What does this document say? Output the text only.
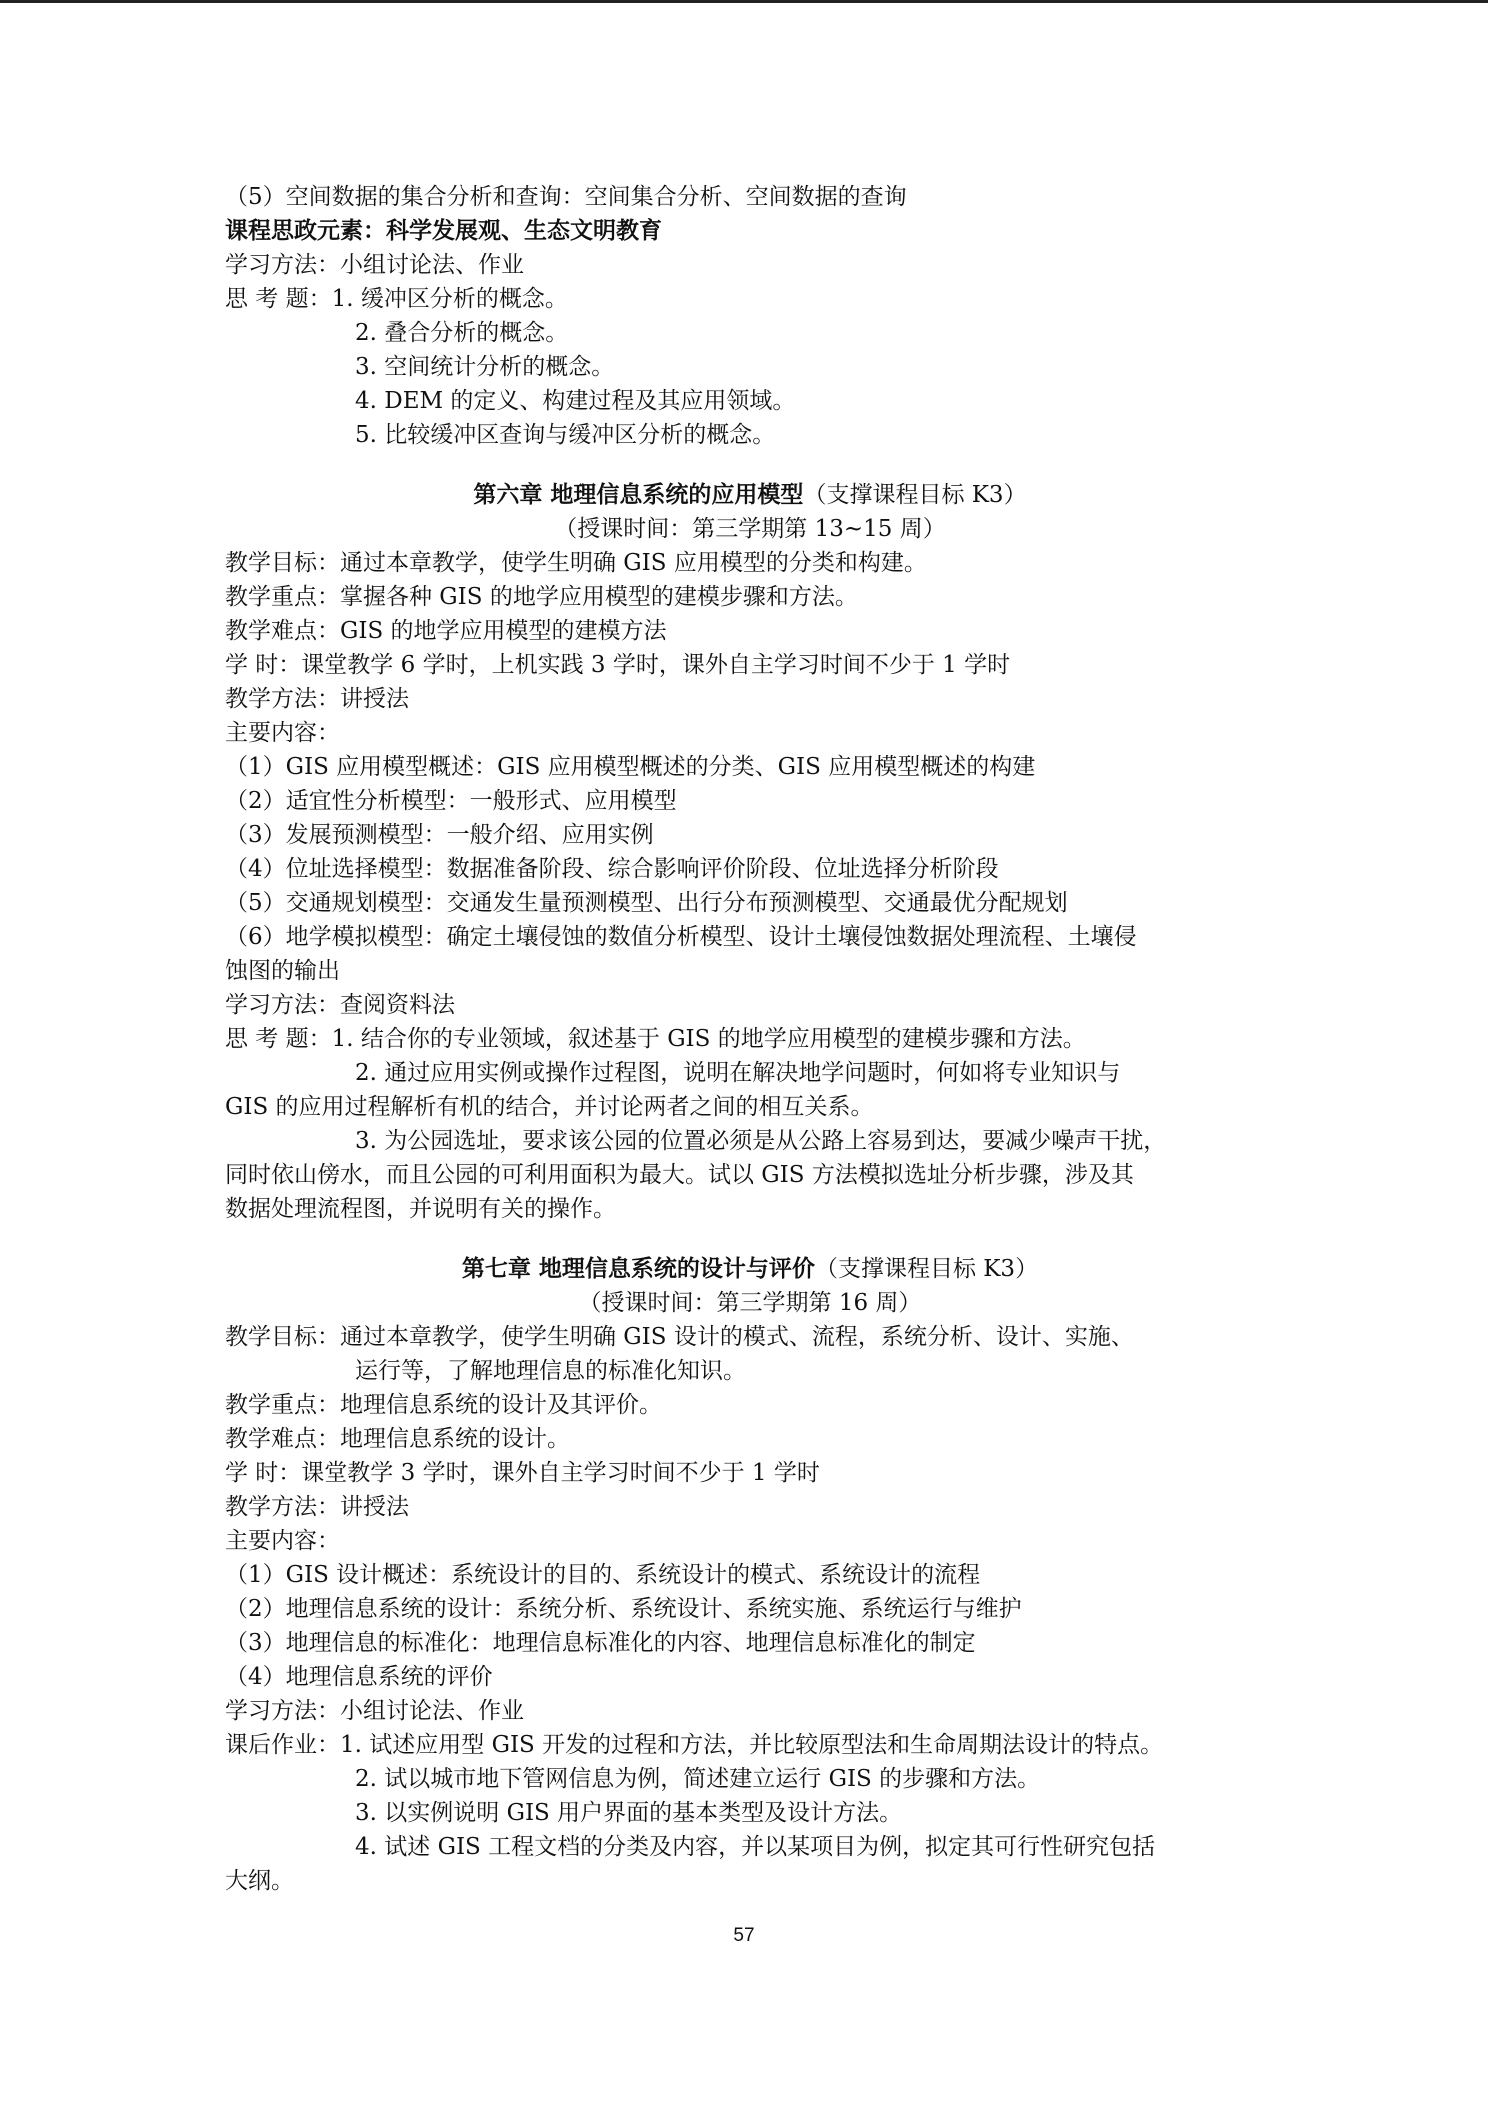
（5）空间数据的集合分析和查询：空间集合分析、空间数据的查询

课程思政元素：科学发展观、生态文明教育

学习方法：小组讨论法、作业

思 考 题：1. 缓冲区分析的概念。

2. 叠合分析的概念。

3. 空间统计分析的概念。

4. DEM 的定义、构建过程及其应用领域。

5. 比较缓冲区查询与缓冲区分析的概念。

第六章 地理信息系统的应用模型（支撑课程目标 K3）

（授课时间：第三学期第 13~15 周）

教学目标：通过本章教学，使学生明确 GIS 应用模型的分类和构建。

教学重点：掌握各种 GIS 的地学应用模型的建模步骤和方法。

教学难点：GIS 的地学应用模型的建模方法

学 时：课堂教学 6 学时，上机实践 3 学时，课外自主学习时间不少于 1 学时

教学方法：讲授法

主要内容：

（1）GIS 应用模型概述：GIS 应用模型概述的分类、GIS 应用模型概述的构建

（2）适宜性分析模型：一般形式、应用模型

（3）发展预测模型：一般介绍、应用实例

（4）位址选择模型：数据准备阶段、综合影响评价阶段、位址选择分析阶段

（5）交通规划模型：交通发生量预测模型、出行分布预测模型、交通最优分配规划

（6）地学模拟模型：确定土壤侵蚀的数值分析模型、设计土壤侵蚀数据处理流程、土壤侵

蚀图的输出

学习方法：查阅资料法

思 考 题：1. 结合你的专业领域，叙述基于 GIS 的地学应用模型的建模步骤和方法。

2. 通过应用实例或操作过程图，说明在解决地学问题时，何如将专业知识与

GIS 的应用过程解析有机的结合，并讨论两者之间的相互关系。

3. 为公园选址，要求该公园的位置必须是从公路上容易到达，要减少噪声干扰，

同时依山傍水，而且公园的可利用面积为最大。试以 GIS 方法模拟选址分析步骤，涉及其

数据处理流程图，并说明有关的操作。

第七章 地理信息系统的设计与评价（支撑课程目标 K3）

（授课时间：第三学期第 16 周）

教学目标：通过本章教学，使学生明确 GIS 设计的模式、流程，系统分析、设计、实施、

运行等，了解地理信息的标准化知识。

教学重点：地理信息系统的设计及其评价。

教学难点：地理信息系统的设计。

学 时：课堂教学 3 学时，课外自主学习时间不少于 1 学时

教学方法：讲授法

主要内容：

（1）GIS 设计概述：系统设计的目的、系统设计的模式、系统设计的流程

（2）地理信息系统的设计：系统分析、系统设计、系统实施、系统运行与维护

（3）地理信息的标准化：地理信息标准化的内容、地理信息标准化的制定

（4）地理信息系统的评价

学习方法：小组讨论法、作业

课后作业：1. 试述应用型 GIS 开发的过程和方法，并比较原型法和生命周期法设计的特点。

2. 试以城市地下管网信息为例，简述建立运行 GIS 的步骤和方法。

3. 以实例说明 GIS 用户界面的基本类型及设计方法。

4. 试述 GIS 工程文档的分类及内容，并以某项目为例，拟定其可行性研究包括

大纲。

57
